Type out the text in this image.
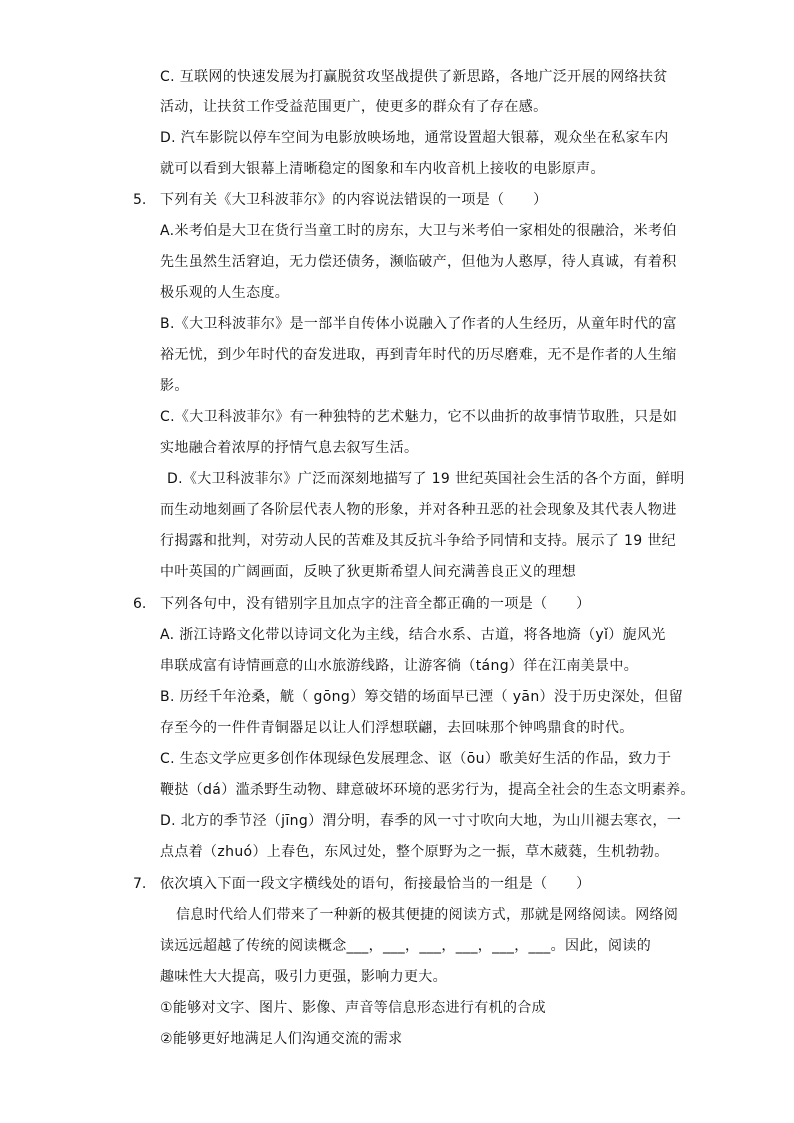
C. 互联网的快速发展为打赢脱贫攻坚战提供了新思路，各地广泛开展的网络扶贫
活动，让扶贫工作受益范围更广，使更多的群众有了存在感。
D. 汽车影院以停车空间为电影放映场地，通常设置超大银幕，观众坐在私家车内
就可以看到大银幕上清晰稳定的图象和车内收音机上接收的电影原声。
下列有关《大卫科波菲尔》的内容说法错误的一项是（　　）
A.米考伯是大卫在货行当童工时的房东，大卫与米考伯一家相处的很融洽，米考伯
先生虽然生活窘迫，无力偿还债务，濒临破产，但他为人憨厚，待人真诚，有着积
极乐观的人生态度。
B.《大卫科波菲尔》是一部半自传体小说融入了作者的人生经历，从童年时代的富
裕无忧，到少年时代的奋发进取，再到青年时代的历尽磨难，无不是作者的人生缩
影。
C.《大卫科波菲尔》有一种独特的艺术魅力，它不以曲折的故事情节取胜，只是如
实地融合着浓厚的抒情气息去叙写生活。
D.《大卫科波菲尔》广泛而深刻地描写了 19 世纪英国社会生活的各个方面，鲜明
而生动地刻画了各阶层代表人物的形象，并对各种丑恶的社会现象及其代表人物进
行揭露和批判，对劳动人民的苦难及其反抗斗争给予同情和支持。展示了 19 世纪
中叶英国的广阔画面，反映了狄更斯希望人间充满善良正义的理想
下列各句中，没有错别字且加点字的注音全都正确的一项是（　　）
A. 浙江诗路文化带以诗词文化为主线，结合水系、古道，将各地旖（yǐ）旎风光
串联成富有诗情画意的山水旅游线路，让游客徜（táng）徉在江南美景中。
B. 历经千年沧桑，觥（ gōng）筹交错的场面早已湮（ yān）没于历史深处，但留
存至今的一件件青铜器足以让人们浮想联翩，去回味那个钟鸣鼎食的时代。
C. 生态文学应更多创作体现绿色发展理念、讴（ōu）歌美好生活的作品，致力于
鞭挞（dá）滥杀野生动物、肆意破坏环境的恶劣行为，提高全社会的生态文明素养。
D. 北方的季节泾（jīng）渭分明，春季的风一寸寸吹向大地，为山川褪去寒衣，一
点点着（zhuó）上春色，东风过处，整个原野为之一振，草木葳蕤，生机勃勃。
依次填入下面一段文字横线处的语句，衔接最恰当的一组是（　　）
信息时代给人们带来了一种新的极其便捷的阅读方式，那就是网络阅读。网络阅
读远远超越了传统的阅读概念___，___，___，___，___，___。因此，阅读的
趣味性大大提高，吸引力更强，影响力更大。
①能够对文字、图片、影像、声音等信息形态进行有机的合成
②能够更好地满足人们沟通交流的需求
5.
6.
7.
